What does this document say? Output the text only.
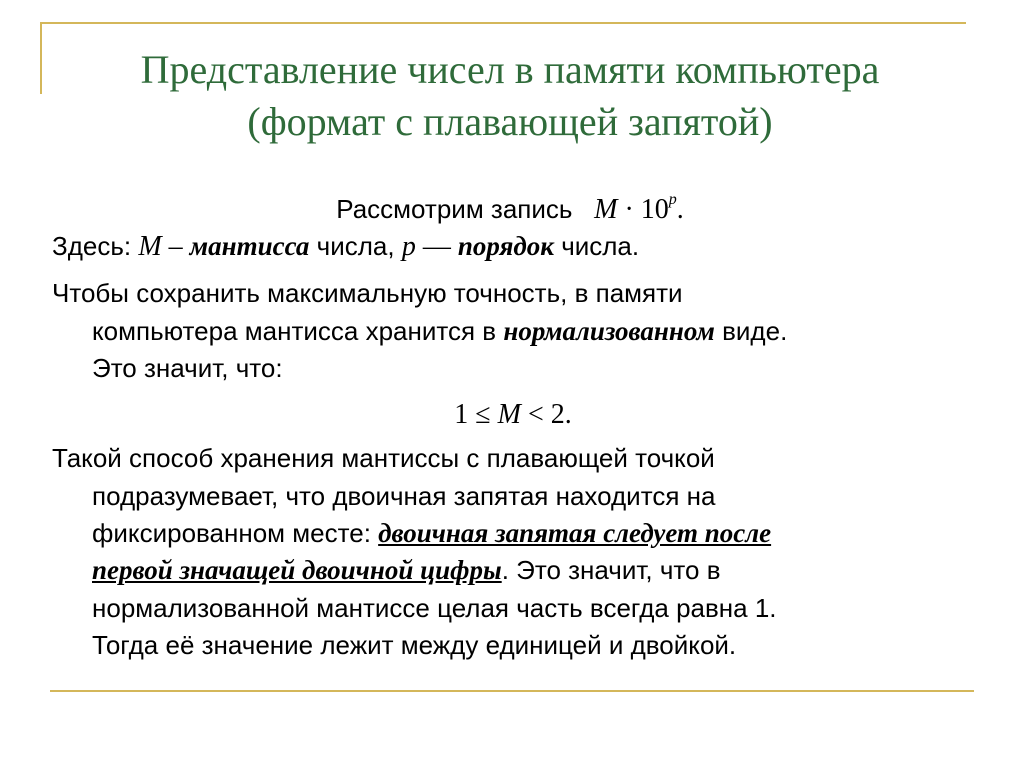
Представление чисел в памяти компьютера
(формат с плавающей запятой)
Рассмотрим запись $M \cdot 10^p$.
Здесь: M – мантисса числа, p — порядок числа.
Чтобы сохранить максимальную точность, в памяти
компьютера мантисса хранится в нормализованном виде.
Это значит, что:
1 ≤ M < 2.
Такой способ хранения мантиссы с плавающей точкой
подразумевает, что двоичная запятая находится на
фиксированном месте: двоичная запятая следует после
первой значащей двоичной цифры. Это значит, что в
нормализованной мантиссе целая часть всегда равна 1.
Тогда её значение лежит между единицей и двойкой.
